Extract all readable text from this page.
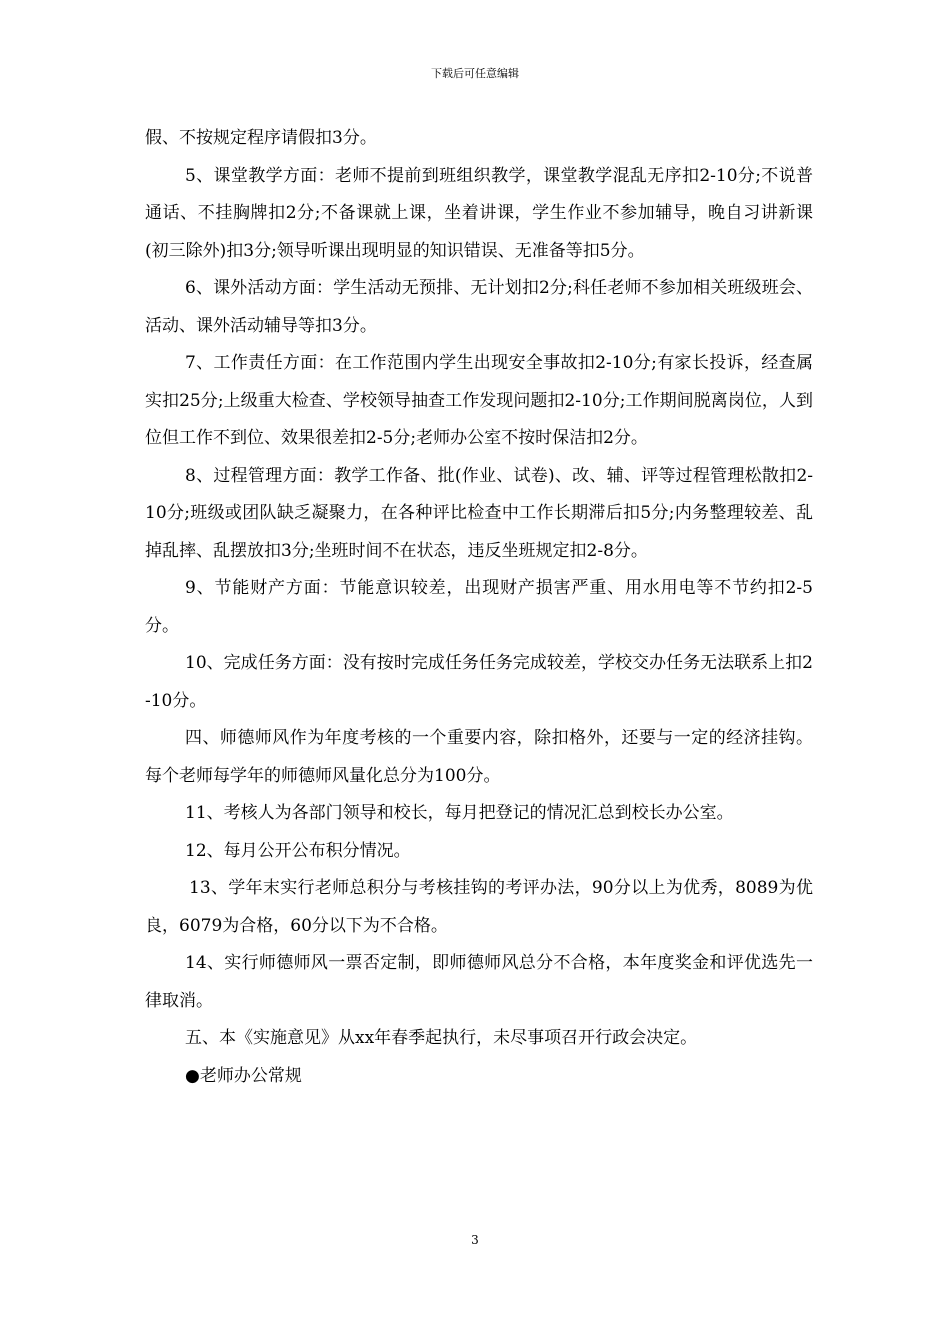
下载后可任意编辑

假、不按规定程序请假扣3分。

5、课堂教学方面：老师不提前到班组织教学，课堂教学混乱无序扣2-10分;不说普通话、不挂胸牌扣2分;不备课就上课，坐着讲课，学生作业不参加辅导，晚自习讲新课(初三除外)扣3分;领导听课出现明显的知识错误、无准备等扣5分。

6、课外活动方面：学生活动无预排、无计划扣2分;科任老师不参加相关班级班会、活动、课外活动辅导等扣3分。

7、工作责任方面：在工作范围内学生出现安全事故扣2-10分;有家长投诉，经查属实扣25分;上级重大检查、学校领导抽查工作发现问题扣2-10分;工作期间脱离岗位，人到位但工作不到位、效果很差扣2-5分;老师办公室不按时保洁扣2分。

8、过程管理方面：教学工作备、批(作业、试卷)、改、辅、评等过程管理松散扣2-10分;班级或团队缺乏凝聚力，在各种评比检查中工作长期滞后扣5分;内务整理较差、乱掉乱摔、乱摆放扣3分;坐班时间不在状态，违反坐班规定扣2-8分。

9、节能财产方面：节能意识较差，出现财产损害严重、用水用电等不节约扣2-5分。

10、完成任务方面：没有按时完成任务任务完成较差，学校交办任务无法联系上扣2-10分。

四、师德师风作为年度考核的一个重要内容，除扣格外，还要与一定的经济挂钩。每个老师每学年的师德师风量化总分为100分。

11、考核人为各部门领导和校长，每月把登记的情况汇总到校长办公室。

12、每月公开公布积分情况。

13、学年末实行老师总积分与考核挂钩的考评办法，90分以上为优秀，8089为优良，6079为合格，60分以下为不合格。

14、实行师德师风一票否定制，即师德师风总分不合格，本年度奖金和评优选先一律取消。

五、本《实施意见》从xx年春季起执行，未尽事项召开行政会决定。

●老师办公常规

3
